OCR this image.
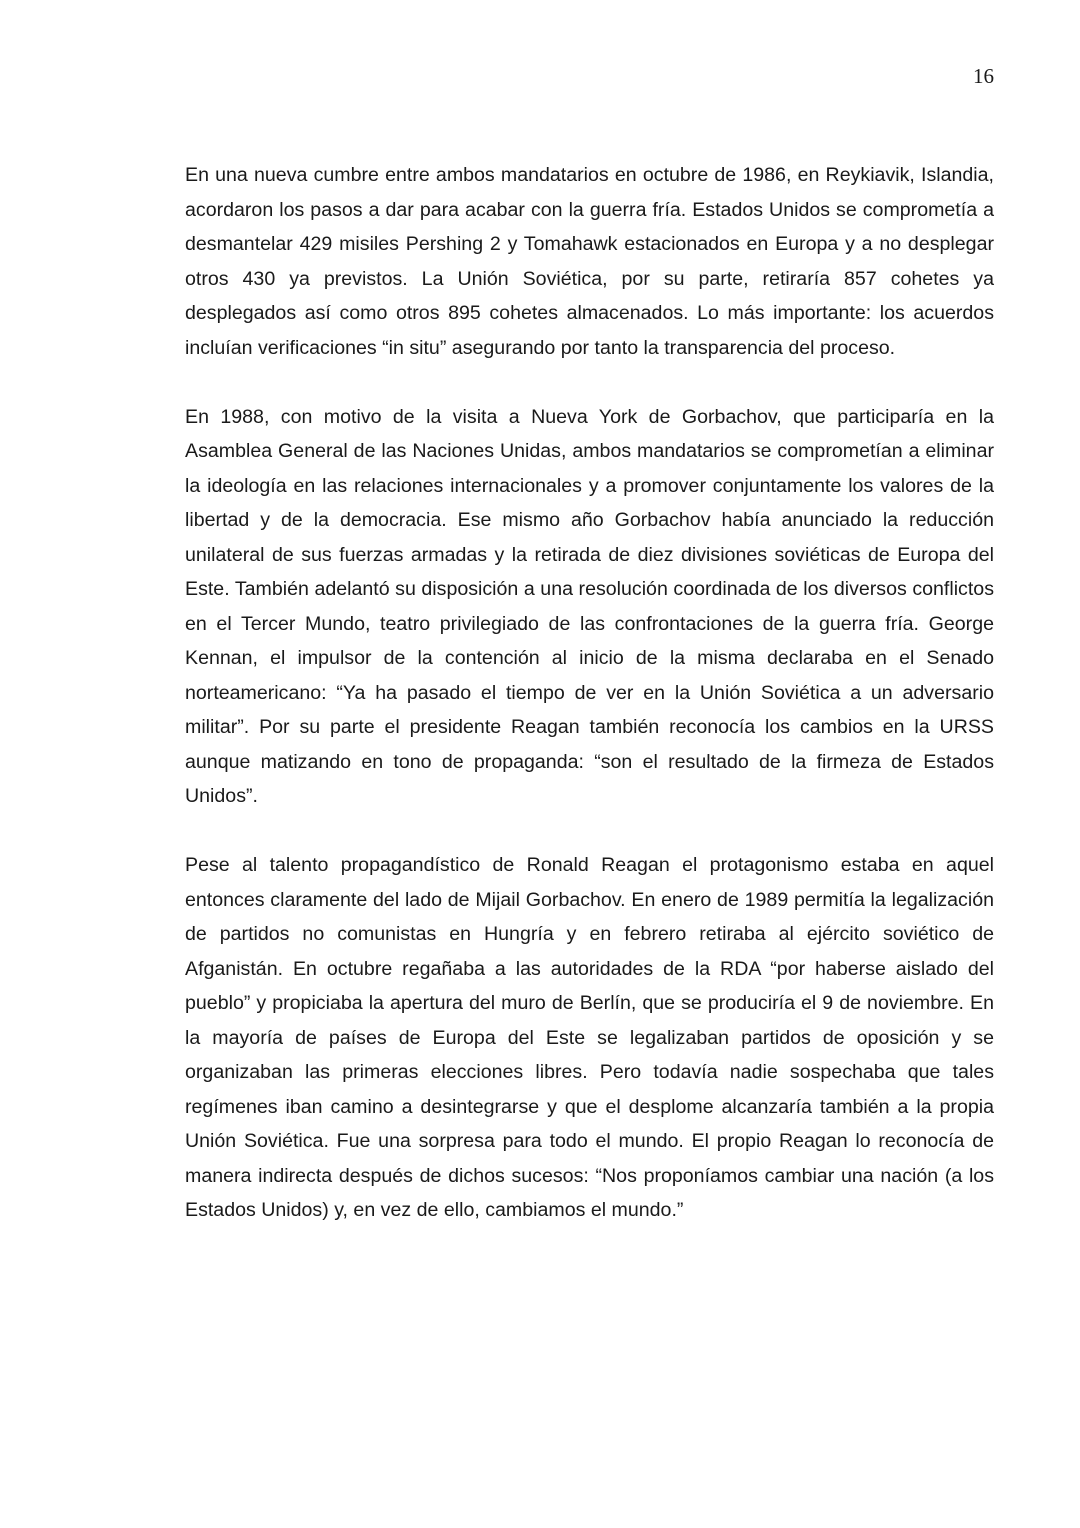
16

En una nueva cumbre entre ambos mandatarios en octubre de 1986, en Reykiavik, Islandia, acordaron los pasos a dar para acabar con la guerra fría. Estados Unidos se comprometía a desmantelar 429 misiles Pershing 2 y Tomahawk estacionados en Europa y a no desplegar otros 430 ya previstos. La Unión Soviética, por su parte, retiraría 857 cohetes ya desplegados así como otros 895 cohetes almacenados. Lo más importante: los acuerdos incluían verificaciones “in situ” asegurando por tanto la transparencia del proceso.

En 1988, con motivo de la visita a Nueva York de Gorbachov, que participaría en la Asamblea General de las Naciones Unidas, ambos mandatarios se comprometían a eliminar la ideología en las relaciones internacionales y a promover conjuntamente los valores de la libertad y de la democracia. Ese mismo año Gorbachov había anunciado la reducción unilateral de sus fuerzas armadas y la retirada de diez divisiones soviéticas de Europa del Este. También adelantó su disposición a una resolución coordinada de los diversos conflictos en el Tercer Mundo, teatro privilegiado de las confrontaciones de la guerra fría. George Kennan, el impulsor de la contención al inicio de la misma declaraba en el Senado norteamericano: “Ya ha pasado el tiempo de ver en la Unión Soviética a un adversario militar”. Por su parte el presidente Reagan también reconocía los cambios en la URSS aunque matizando en tono de propaganda: “son el resultado de la firmeza de Estados Unidos”.

Pese al talento propagandístico de Ronald Reagan el protagonismo estaba en aquel entonces claramente del lado de Mijail Gorbachov. En enero de 1989 permitía la legalización de partidos no comunistas en Hungría y en febrero retiraba al ejército soviético de Afganistán. En octubre regañaba a las autoridades de la RDA “por haberse aislado del pueblo” y propiciaba la apertura del muro de Berlín, que se produciría el 9 de noviembre. En la mayoría de países de Europa del Este se legalizaban partidos de oposición y se organizaban las primeras elecciones libres. Pero todavía nadie sospechaba que tales regímenes iban camino a desintegrarse y que el desplome alcanzaría también a la propia Unión Soviética. Fue una sorpresa para todo el mundo. El propio Reagan lo reconocía de manera indirecta después de dichos sucesos: “Nos proponíamos cambiar una nación (a los Estados Unidos) y, en vez de ello, cambiamos el mundo.”
